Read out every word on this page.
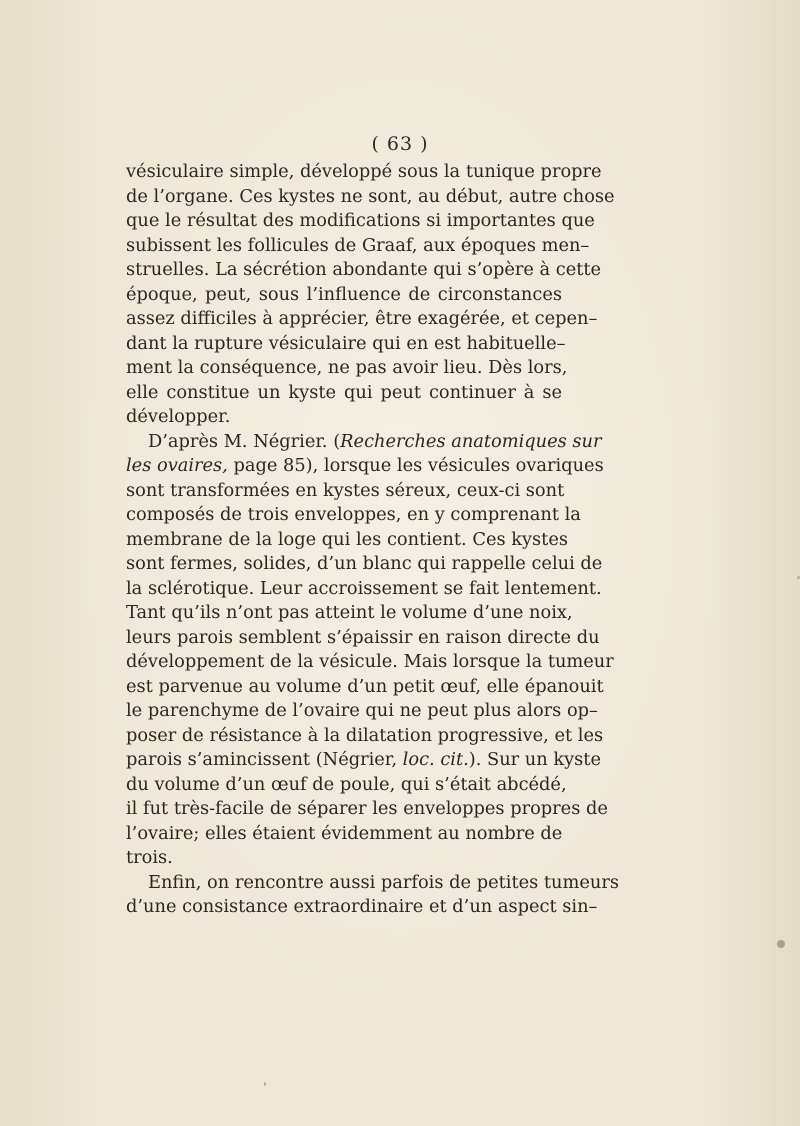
( 63 )
vésiculaire simple, développé sous la tunique propre
de l’organe. Ces kystes ne sont, au début, autre chose
que le résultat des modifications si importantes que
subissent les follicules de Graaf, aux époques men–
struelles. La sécrétion abondante qui s’opère à cette
époque, peut, sous l’influence de circonstances
assez difficiles à apprécier, être exagérée, et cepen–
dant la rupture vésiculaire qui en est habituelle–
ment la conséquence, ne pas avoir lieu. Dès lors,
elle constitue un kyste qui peut continuer à se
développer.
D’après M. Négrier. (Recherches anatomiques sur
les ovaires, page 85), lorsque les vésicules ovariques
sont transformées en kystes séreux, ceux-ci sont
composés de trois enveloppes, en y comprenant la
membrane de la loge qui les contient. Ces kystes
sont fermes, solides, d’un blanc qui rappelle celui de
la sclérotique. Leur accroissement se fait lentement.
Tant qu’ils n’ont pas atteint le volume d’une noix,
leurs parois semblent s’épaissir en raison directe du
développement de la vésicule. Mais lorsque la tumeur
est parvenue au volume d’un petit œuf, elle épanouit
le parenchyme de l’ovaire qui ne peut plus alors op–
poser de résistance à la dilatation progressive, et les
parois s’amincissent (Négrier, loc. cit.). Sur un kyste
du volume d’un œuf de poule, qui s’était abcédé,
il fut très-facile de séparer les enveloppes propres de
l’ovaire; elles étaient évidemment au nombre de
trois.
Enfin, on rencontre aussi parfois de petites tumeurs
d’une consistance extraordinaire et d’un aspect sin–
